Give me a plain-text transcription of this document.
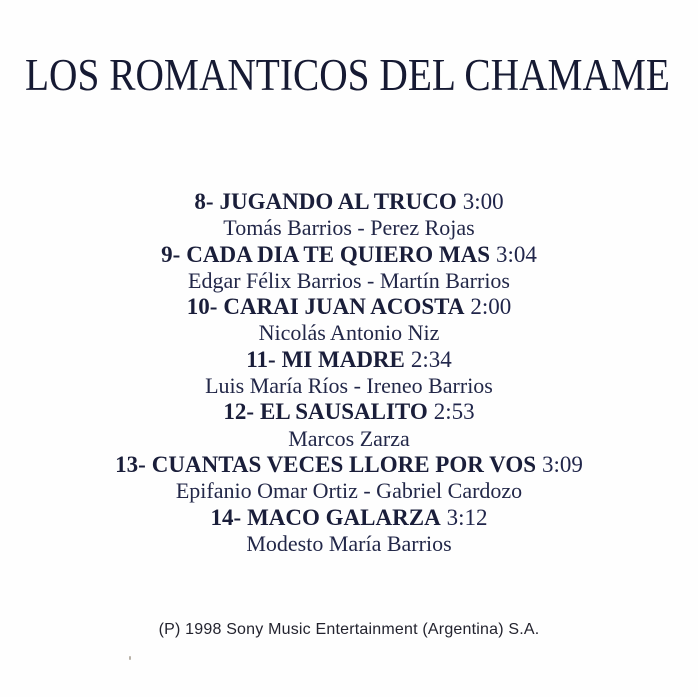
LOS ROMANTICOS DEL CHAMAME
8- JUGANDO AL TRUCO 3:00
Tomás Barrios - Perez Rojas
9- CADA DIA TE QUIERO MAS 3:04
Edgar Félix Barrios - Martín Barrios
10- CARAI JUAN ACOSTA 2:00
Nicolás Antonio Niz
11- MI MADRE 2:34
Luis María Ríos - Ireneo Barrios
12- EL SAUSALITO 2:53
Marcos Zarza
13- CUANTAS VECES LLORE POR VOS 3:09
Epifanio Omar Ortiz - Gabriel Cardozo
14- MACO GALARZA 3:12
Modesto María Barrios
(P) 1998 Sony Music Entertainment (Argentina) S.A.
